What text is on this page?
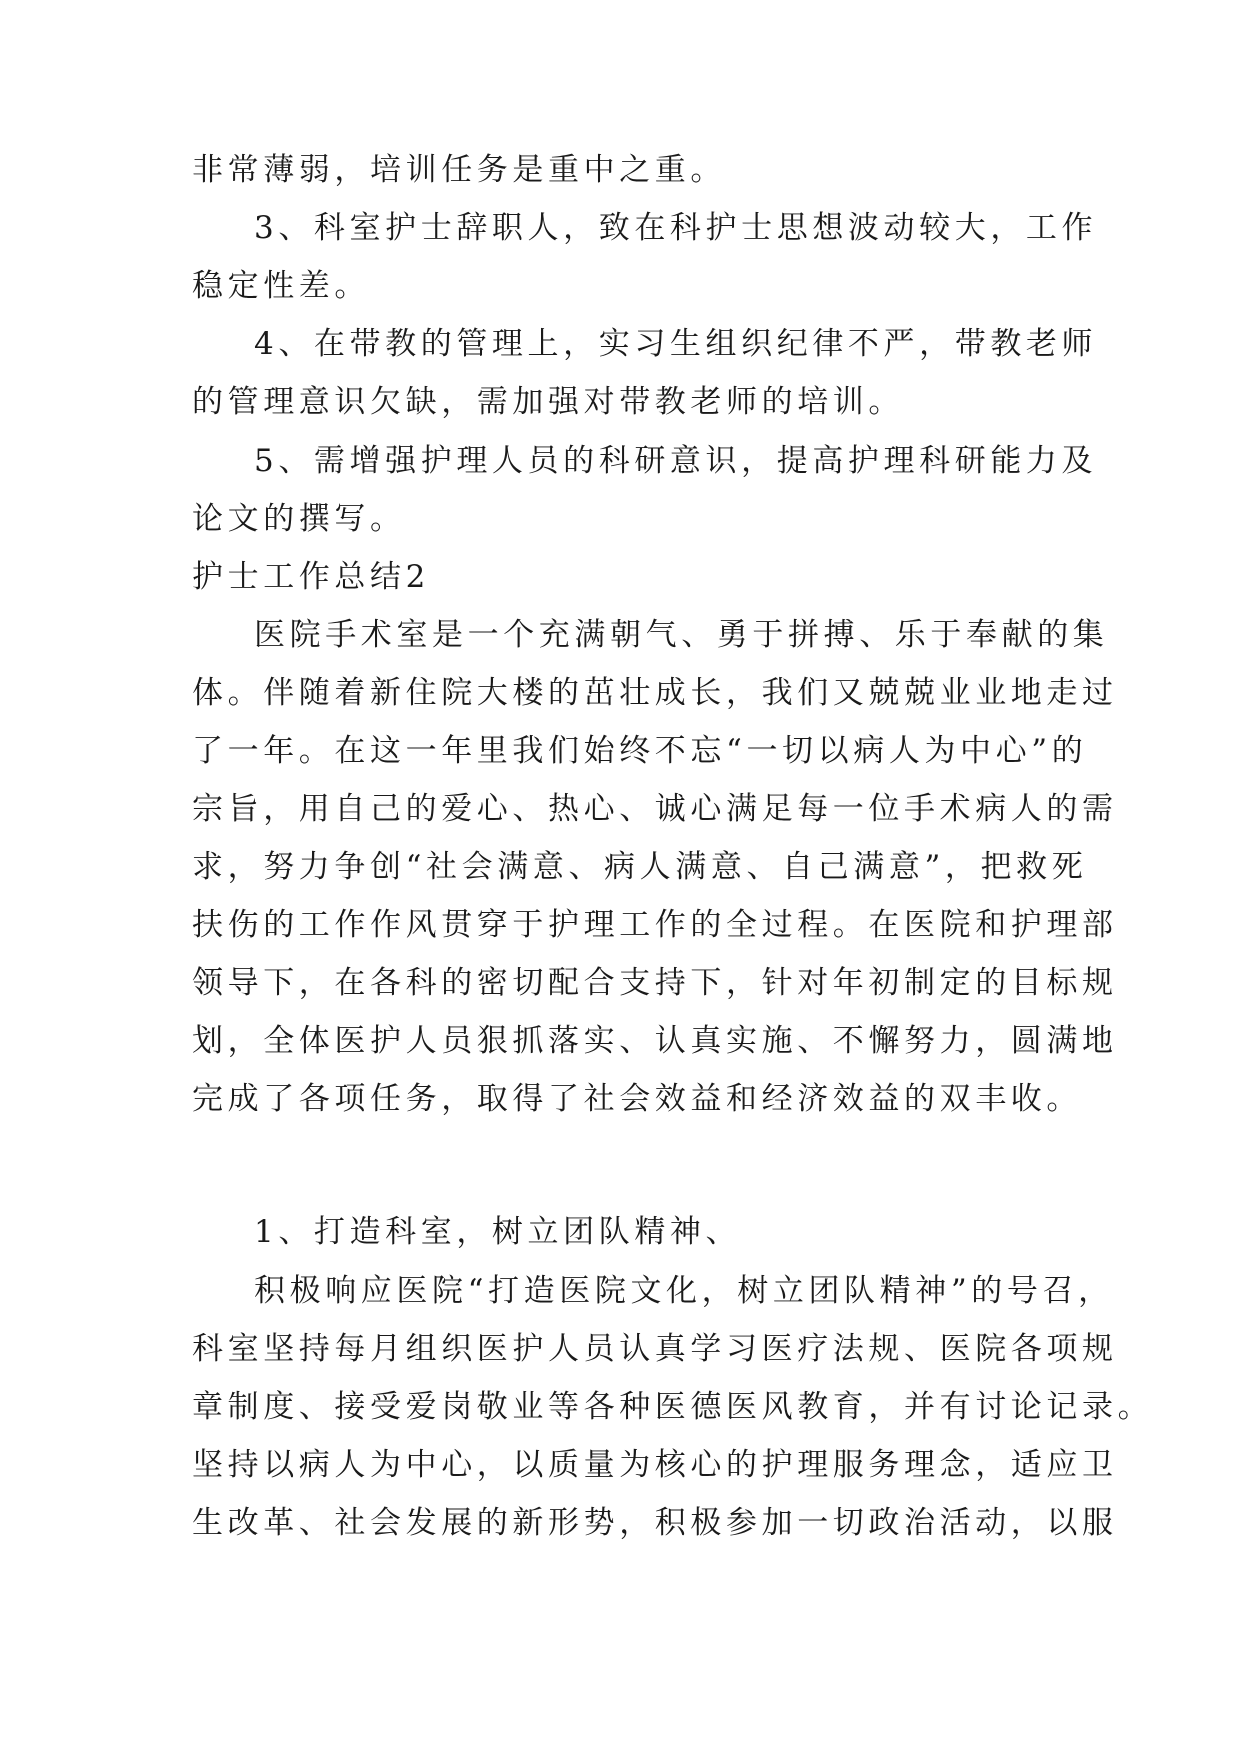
非常薄弱，培训任务是重中之重。
3、科室护士辞职人，致在科护士思想波动较大，工作
稳定性差。
4、在带教的管理上，实习生组织纪律不严，带教老师
的管理意识欠缺，需加强对带教老师的培训。
5、需增强护理人员的科研意识，提高护理科研能力及
论文的撰写。
护士工作总结2
医院手术室是一个充满朝气、勇于拼搏、乐于奉献的集
体。伴随着新住院大楼的茁壮成长，我们又兢兢业业地走过
了一年。在这一年里我们始终不忘“一切以病人为中心”的
宗旨，用自己的爱心、热心、诚心满足每一位手术病人的需
求，努力争创“社会满意、病人满意、自己满意”，把救死
扶伤的工作作风贯穿于护理工作的全过程。在医院和护理部
领导下，在各科的密切配合支持下，针对年初制定的目标规
划，全体医护人员狠抓落实、认真实施、不懈努力，圆满地
完成了各项任务，取得了社会效益和经济效益的双丰收。
1、打造科室，树立团队精神、
积极响应医院“打造医院文化，树立团队精神”的号召，
科室坚持每月组织医护人员认真学习医疗法规、医院各项规
章制度、接受爱岗敬业等各种医德医风教育，并有讨论记录。
坚持以病人为中心，以质量为核心的护理服务理念，适应卫
生改革、社会发展的新形势，积极参加一切政治活动，以服
